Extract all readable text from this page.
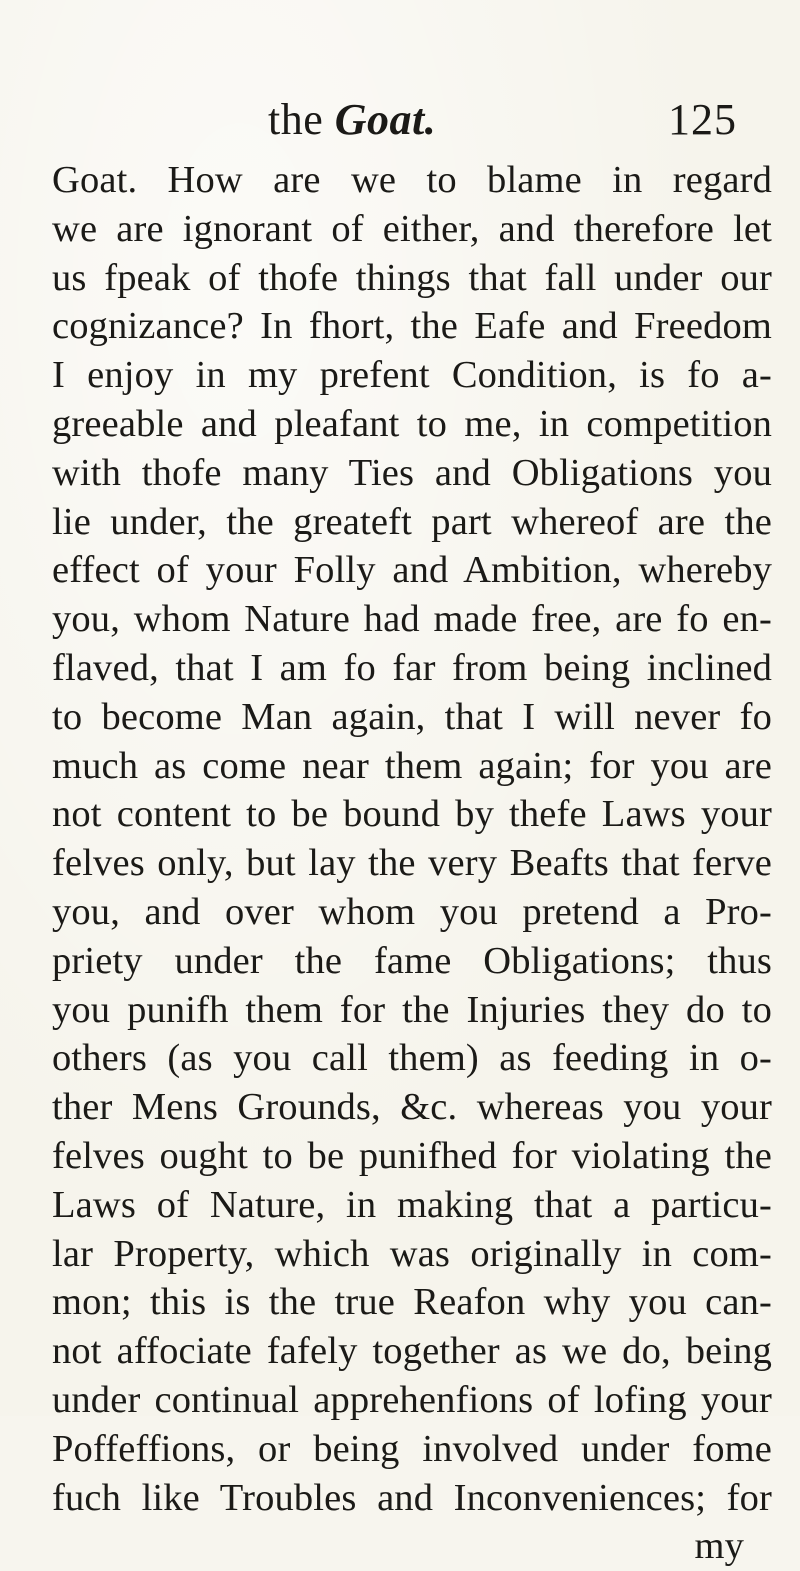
the Goat.	125
Goat. How are we to blame in regard
we are ignorant of either, and therefore let
us fpeak of thofe things that fall under our
cognizance? In fhort, the Eafe and Freedom
I enjoy in my prefent Condition, is fo a-
greeable and pleafant to me, in competition
with thofe many Ties and Obligations you
lie under, the greateft part whereof are the
effect of your Folly and Ambition, whereby
you, whom Nature had made free, are fo en-
flaved, that I am fo far from being inclined
to become Man again, that I will never fo
much as come near them again; for you are
not content to be bound by thefe Laws your
felves only, but lay the very Beafts that ferve
you, and over whom you pretend a Pro-
priety under the fame Obligations; thus
you punifh them for the Injuries they do to
others (as you call them) as feeding in o-
ther Mens Grounds, &c. whereas you your
felves ought to be punifhed for violating the
Laws of Nature, in making that a particu-
lar Property, which was originally in com-
mon; this is the true Reafon why you can-
not affociate fafely together as we do, being
under continual apprehenfions of lofing your
Poffeffions, or being involved under fome
fuch like Troubles and Inconveniences; for
my
